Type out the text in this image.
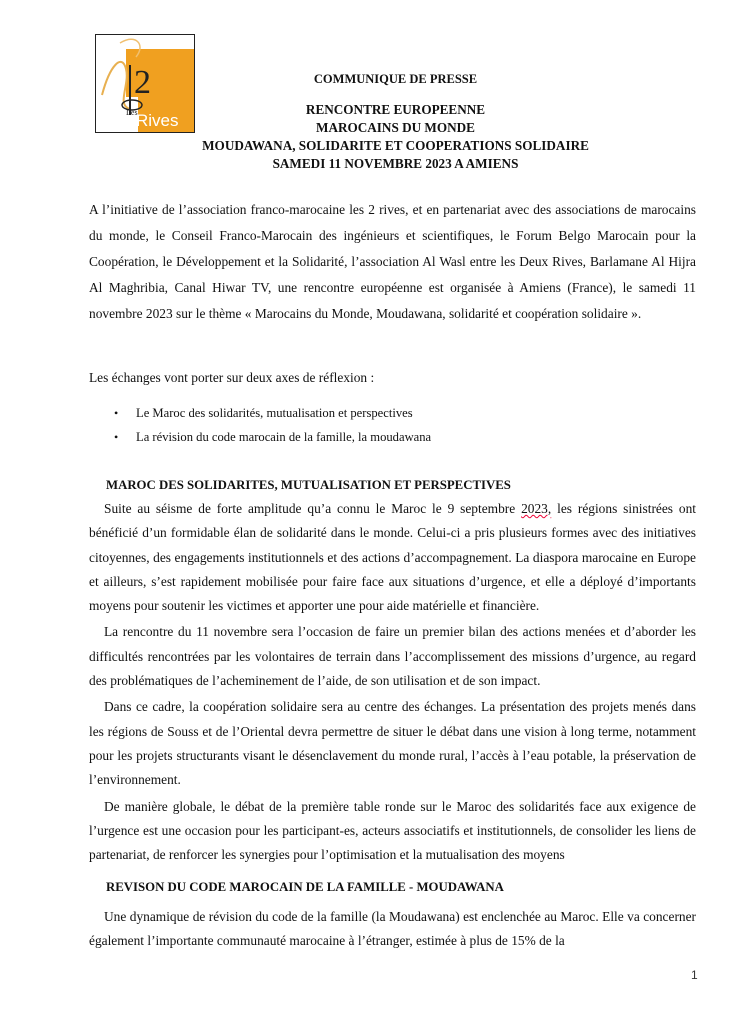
2
Les
Rives
COMMUNIQUE DE PRESSE
RENCONTRE EUROPEENNE
MAROCAINS DU MONDE
MOUDAWANA, SOLIDARITE ET COOPERATIONS SOLIDAIRE
SAMEDI 11 NOVEMBRE 2023 A AMIENS

A l’initiative de l’association franco-marocaine les 2 rives, et en partenariat avec des associations de marocains du monde, le Conseil Franco-Marocain des ingénieurs et scientifiques, le Forum Belgo Marocain pour la Coopération, le Développement et la Solidarité, l’association Al Wasl entre les Deux Rives, Barlamane Al Hijra Al Maghribia, Canal Hiwar TV, une rencontre européenne est organisée à Amiens (France), le samedi 11 novembre 2023 sur le thème « Marocains du Monde, Moudawana, solidarité et coopération solidaire ».

Les échanges vont porter sur deux axes de réflexion :

• Le Maroc des solidarités, mutualisation et perspectives
• La révision du code marocain de la famille, la moudawana
MAROC DES SOLIDARITES, MUTUALISATION ET PERSPECTIVES

Suite au séisme de forte amplitude qu’a connu le Maroc le 9 septembre 2023, les régions sinistrées ont bénéficié d’un formidable élan de solidarité dans le monde. Celui-ci a pris plusieurs formes avec des initiatives citoyennes, des engagements institutionnels et des actions d’accompagnement. La diaspora marocaine en Europe et ailleurs, s’est rapidement mobilisée pour faire face aux situations d’urgence, et elle a déployé d’importants moyens pour soutenir les victimes et apporter une pour aide matérielle et financière.

La rencontre du 11 novembre sera l’occasion de faire un premier bilan des actions menées et d’aborder les difficultés rencontrées par les volontaires de terrain dans l’accomplissement des missions d’urgence, au regard des problématiques de l’acheminement de l’aide, de son utilisation et de son impact.

Dans ce cadre, la coopération solidaire sera au centre des échanges. La présentation des projets menés dans les régions de Souss et de l’Oriental devra permettre de situer le débat dans une vision à long terme, notamment pour les projets structurants visant le désenclavement du monde rural, l’accès à l’eau potable, la préservation de l’environnement.

De manière globale, le débat de la première table ronde sur le Maroc des solidarités face aux exigence de l’urgence est une occasion pour les participant-es, acteurs associatifs et institutionnels, de consolider les liens de partenariat, de renforcer les synergies pour l’optimisation et la mutualisation des moyens

REVISON DU CODE MAROCAIN DE LA FAMILLE - MOUDAWANA

Une dynamique de révision du code de la famille (la Moudawana) est enclenchée au Maroc. Elle va concerner également l’importante communauté marocaine à l’étranger, estimée à plus de 15% de la

1
